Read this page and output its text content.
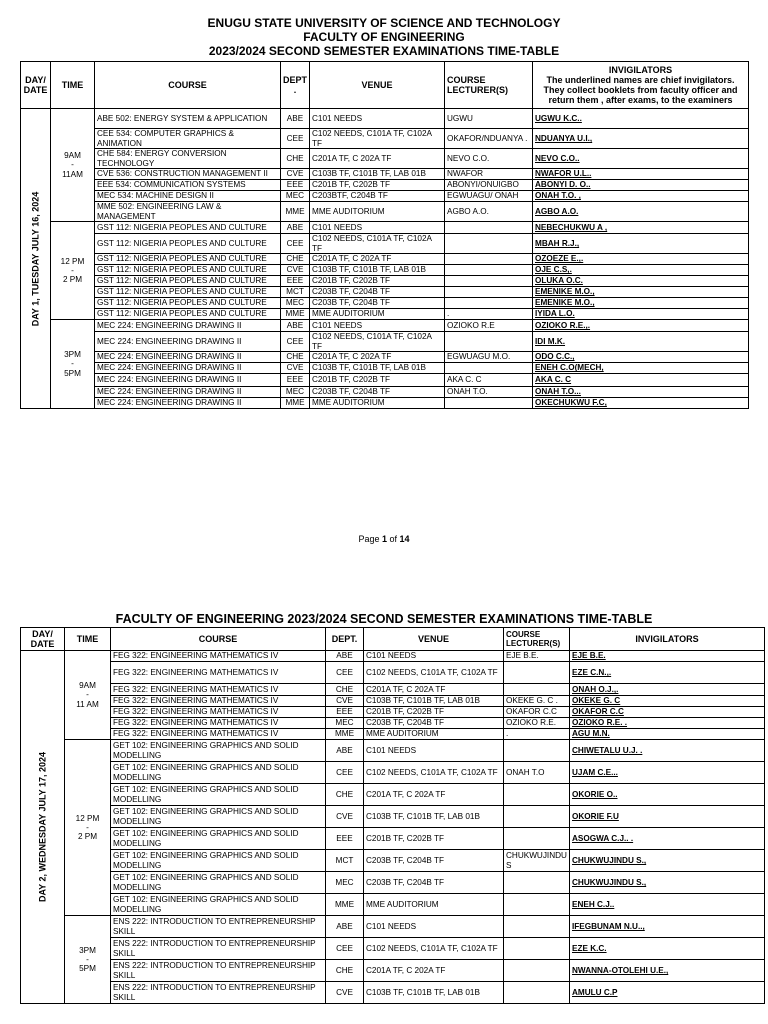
ENUGU STATE UNIVERSITY OF SCIENCE AND TECHNOLOGY
FACULTY OF ENGINEERING
2023/2024 SECOND SEMESTER EXAMINATIONS TIME-TABLE
DAY/ DATE	TIME	COURSE	DEPT .	VENUE	COURSE LECTURER(S)	INVIGILATORS
The underlined names are chief invigilators. They collect booklets from faculty officer and return them , after exams, to the examiners

DAY 1, TUESDAY JULY 16, 2024	9AM
-
11AM	ABE 502: ENERGY SYSTEM & APPLICATION	ABE	C101 NEEDS	UGWU	UGWU K.C..
		CEE 534: COMPUTER GRAPHICS & ANIMATION	CEE	C102 NEEDS, C101A TF, C102A TF	OKAFOR/NDUANYA .	NDUANYA U.I.,
		CHE 584: ENERGY CONVERSION TECHNOLOGY	CHE	C201A TF, C 202A TF	NEVO C.O.	NEVO C.O..
		CVE 536: CONSTRUCTION MANAGEMENT II	CVE	C103B TF, C101B TF, LAB 01B	NWAFOR	NWAFOR U.L..
		EEE 534: COMMUNICATION SYSTEMS	EEE	C201B TF, C202B TF	ABONYI/ONUIGBO	ABONYI D. O..
		MEC 534: MACHINE DESIGN II	MEC	C203BTF, C204B TF	EGWUAGU/ ONAH	ONAH T.O. ,
		MME 502: ENGINEERING LAW & MANAGEMENT	MME	MME AUDITORIUM	AGBO A.O.	AGBO A.O.

	12 PM
-
2 PM	GST 112: NIGERIA PEOPLES AND CULTURE	ABE	C101 NEEDS		NEBECHUKWU A ,
		GST 112: NIGERIA PEOPLES AND CULTURE	CEE	C102 NEEDS, C101A TF, C102A TF		MBAH R.J.,
		GST 112: NIGERIA PEOPLES AND CULTURE	CHE	C201A TF, C 202A TF		OZOEZE E.,.
		GST 112: NIGERIA PEOPLES AND CULTURE	CVE	C103B TF, C101B TF, LAB 01B		OJE C.S,.
		GST 112: NIGERIA PEOPLES AND CULTURE	EEE	C201B TF, C202B TF		OLUKA O.C.
		GST 112: NIGERIA PEOPLES AND CULTURE	MCT	C203B TF, C204B TF		EMENIKE M.O.,
		GST 112: NIGERIA PEOPLES AND CULTURE	MEC	C203B TF, C204B TF		EMENIKE M.O.,
		GST 112: NIGERIA PEOPLES AND CULTURE	MME	MME AUDITORIUM	.	IYIDA L.O.

	3PM
-
5PM	MEC 224: ENGINEERING DRAWING II	ABE	C101 NEEDS	OZIOKO R.E	OZIOKO R.E.,.
		MEC 224: ENGINEERING DRAWING II	CEE	C102 NEEDS, C101A TF, C102A TF		IDI M.K.
		MEC 224: ENGINEERING DRAWING II	CHE	C201A TF, C 202A TF	EGWUAGU M.O.	ODO C.C.,
		MEC 224: ENGINEERING DRAWING II	CVE	C103B TF, C101B TF, LAB 01B		ENEH C.O(MECH,
		MEC 224: ENGINEERING DRAWING II	EEE	C201B TF, C202B TF	AKA C. C	AKA C. C
		MEC 224: ENGINEERING DRAWING II	MEC	C203B TF, C204B TF	ONAH T.O.	ONAH T.O...
		MEC 224: ENGINEERING DRAWING II	MME	MME AUDITORIUM		OKECHUKWU F.C,
Page 1 of 14
FACULTY OF ENGINEERING 2023/2024 SECOND SEMESTER EXAMINATIONS TIME-TABLE
DAY/ DATE	TIME	COURSE	DEPT.	VENUE	COURSE LECTURER(S)	INVIGILATORS

DAY 2, WEDNESDAY JULY 17, 2024	9AM
-
11 AM	FEG 322: ENGINEERING MATHEMATICS IV	ABE	C101 NEEDS	EJE B.E.	EJE B.E.
		FEG 322: ENGINEERING MATHEMATICS IV	CEE	C102 NEEDS, C101A TF, C102A TF		EZE C.N.,.
		FEG 322: ENGINEERING MATHEMATICS IV	CHE	C201A TF, C 202A TF		ONAH O.J.,.
		FEG 322: ENGINEERING MATHEMATICS IV	CVE	C103B TF, C101B TF, LAB 01B	OKEKE G. C .	OKEKE G. C
		FEG 322: ENGINEERING MATHEMATICS IV	EEE	C201B TF, C202B TF	OKAFOR C.C	OKAFOR C.C
		FEG 322: ENGINEERING MATHEMATICS IV	MEC	C203B TF, C204B TF	OZIOKO R.E.	OZIOKO R.E. .
		FEG 322: ENGINEERING MATHEMATICS IV	MME	MME AUDITORIUM	.	AGU M.N.

	12 PM
-
2 PM	GET 102: ENGINEERING GRAPHICS AND SOLID MODELLING	ABE	C101 NEEDS		CHIWETALU U.J. .
		GET 102: ENGINEERING GRAPHICS AND SOLID MODELLING	CEE	C102 NEEDS, C101A TF, C102A TF	ONAH T.O	UJAM C.E...
		GET 102: ENGINEERING GRAPHICS AND SOLID MODELLING	CHE	C201A TF, C 202A TF		OKORIE O..
		GET 102: ENGINEERING GRAPHICS AND SOLID MODELLING	CVE	C103B TF, C101B TF, LAB 01B		OKORIE F.U
		GET 102: ENGINEERING GRAPHICS AND SOLID MODELLING	EEE	C201B TF, C202B TF		ASOGWA C.J.. .
		GET 102: ENGINEERING GRAPHICS AND SOLID MODELLING	MCT	C203B TF, C204B TF	CHUKWUJINDU S	CHUKWUJINDU S.,
		GET 102: ENGINEERING GRAPHICS AND SOLID MODELLING	MEC	C203B TF, C204B TF		CHUKWUJINDU S.,
		GET 102: ENGINEERING GRAPHICS AND SOLID MODELLING	MME	MME AUDITORIUM		ENEH C.J..

	3PM
-
5PM	ENS 222: INTRODUCTION TO ENTREPRENEURSHIP SKILL	ABE	C101 NEEDS		IFEGBUNAM N.U..,
		ENS 222: INTRODUCTION TO ENTREPRENEURSHIP SKILL	CEE	C102 NEEDS, C101A TF, C102A TF		EZE K.C.
		ENS 222: INTRODUCTION TO ENTREPRENEURSHIP SKILL	CHE	C201A TF, C 202A TF		NWANNA-OTOLEHI U.E.,
		ENS 222: INTRODUCTION TO ENTREPRENEURSHIP SKILL	CVE	C103B TF, C101B TF, LAB 01B		AMULU C.P
